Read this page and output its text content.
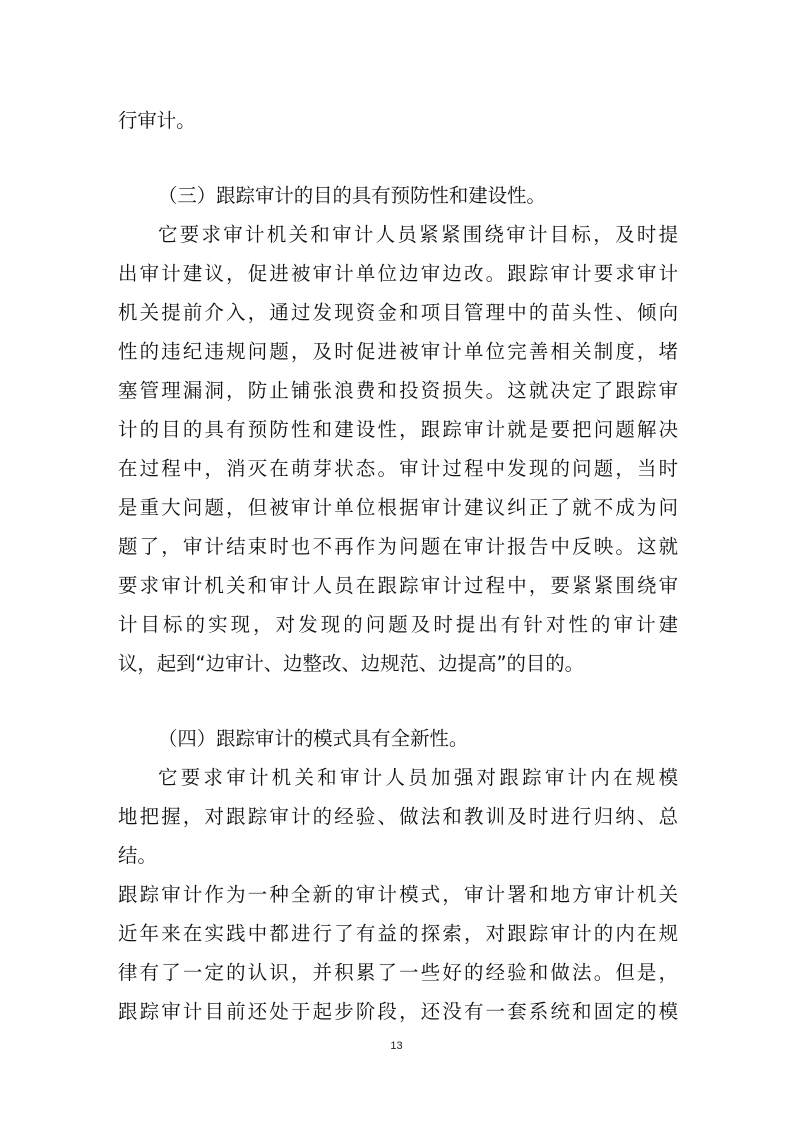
行审计。
（三）跟踪审计的目的具有预防性和建设性。
它要求审计机关和审计人员紧紧围绕审计目标，及时提
出审计建议，促进被审计单位边审边改。跟踪审计要求审计
机关提前介入，通过发现资金和项目管理中的苗头性、倾向
性的违纪违规问题，及时促进被审计单位完善相关制度，堵
塞管理漏洞，防止铺张浪费和投资损失。这就决定了跟踪审
计的目的具有预防性和建设性，跟踪审计就是要把问题解决
在过程中，消灭在萌芽状态。审计过程中发现的问题，当时
是重大问题，但被审计单位根据审计建议纠正了就不成为问
题了，审计结束时也不再作为问题在审计报告中反映。这就
要求审计机关和审计人员在跟踪审计过程中，要紧紧围绕审
计目标的实现，对发现的问题及时提出有针对性的审计建
议，起到“边审计、边整改、边规范、边提高”的目的。
（四）跟踪审计的模式具有全新性。
它要求审计机关和审计人员加强对跟踪审计内在规模
地把握，对跟踪审计的经验、做法和教训及时进行归纳、总
结。
跟踪审计作为一种全新的审计模式，审计署和地方审计机关
近年来在实践中都进行了有益的探索，对跟踪审计的内在规
律有了一定的认识，并积累了一些好的经验和做法。但是，
跟踪审计目前还处于起步阶段，还没有一套系统和固定的模
13
